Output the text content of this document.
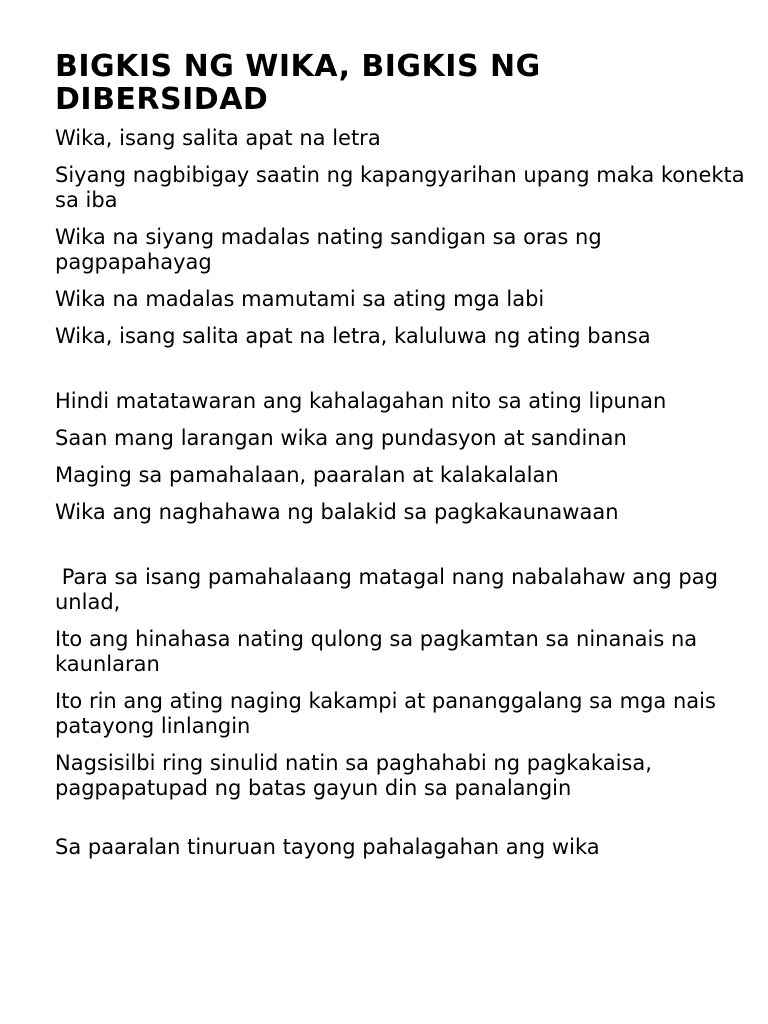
BIGKIS NG WIKA, BIGKIS NG DIBERSIDAD

Wika, isang salita apat na letra

Siyang nagbibigay saatin ng kapangyarihan upang maka konekta sa iba

Wika na siyang madalas nating sandigan sa oras ng pagpapahayag

Wika na madalas mamutami sa ating mga labi

Wika, isang salita apat na letra, kaluluwa ng ating bansa

Hindi matatawaran ang kahalagahan nito sa ating lipunan

Saan mang larangan wika ang pundasyon at sandinan

Maging sa pamahalaan, paaralan at kalakalalan

Wika ang naghahawa ng balakid sa pagkakaunawaan

Para sa isang pamahalaang matagal nang nabalahaw ang pag unlad,

Ito ang hinahasa nating qulong sa pagkamtan sa ninanais na kaunlaran

Ito rin ang ating naging kakampi at pananggalang sa mga nais patayong linlangin

Nagsisilbi ring sinulid natin sa paghahabi ng pagkakaisa, pagpapatupad ng batas gayun din sa panalangin

Sa paaralan tinuruan tayong pahalagahan ang wika
